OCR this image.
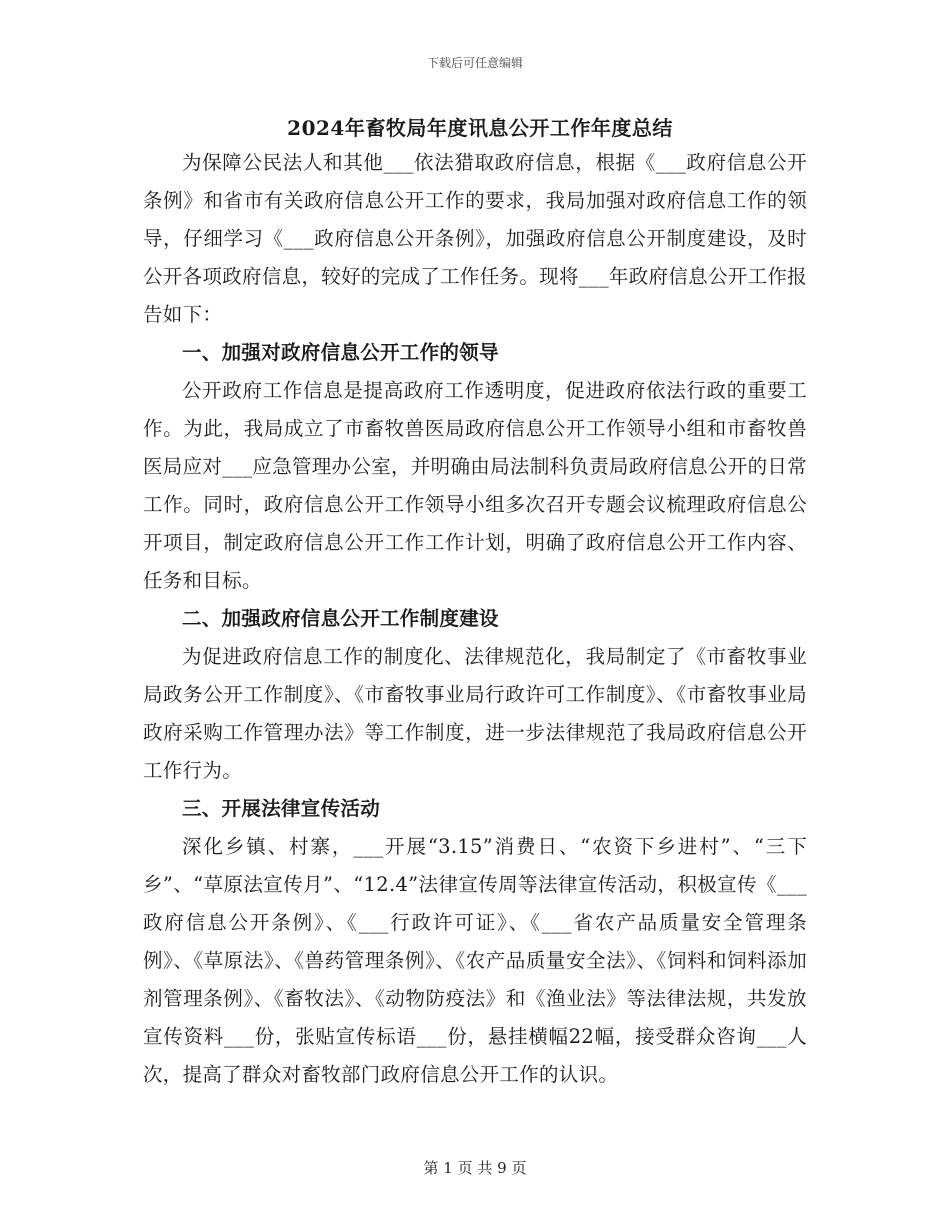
下载后可任意编辑
2024年畜牧局年度讯息公开工作年度总结

为保障公民法人和其他___依法猎取政府信息，根据《___政府信息公开条例》和省市有关政府信息公开工作的要求，我局加强对政府信息工作的领导，仔细学习《___政府信息公开条例》，加强政府信息公开制度建设，及时公开各项政府信息，较好的完成了工作任务。现将___年政府信息公开工作报告如下：

一、加强对政府信息公开工作的领导

公开政府工作信息是提高政府工作透明度，促进政府依法行政的重要工作。为此，我局成立了市畜牧兽医局政府信息公开工作领导小组和市畜牧兽医局应对___应急管理办公室，并明确由局法制科负责局政府信息公开的日常工作。同时，政府信息公开工作领导小组多次召开专题会议梳理政府信息公开项目，制定政府信息公开工作工作计划，明确了政府信息公开工作内容、任务和目标。

二、加强政府信息公开工作制度建设

为促进政府信息工作的制度化、法律规范化，我局制定了《市畜牧事业局政务公开工作制度》、《市畜牧事业局行政许可工作制度》、《市畜牧事业局政府采购工作管理办法》等工作制度，进一步法律规范了我局政府信息公开工作行为。

三、开展法律宣传活动

深化乡镇、村寨，___开展“3.15”消费日、“农资下乡进村”、“三下乡”、“草原法宣传月”、“12.4”法律宣传周等法律宣传活动，积极宣传《___政府信息公开条例》、《___行政许可证》、《___省农产品质量安全管理条例》、《草原法》、《兽药管理条例》、《农产品质量安全法》、《饲料和饲料添加剂管理条例》、《畜牧法》、《动物防疫法》和《渔业法》等法律法规，共发放宣传资料___份，张贴宣传标语___份，悬挂横幅22幅，接受群众咨询___人次，提高了群众对畜牧部门政府信息公开工作的认识。

第 1 页 共 9 页
